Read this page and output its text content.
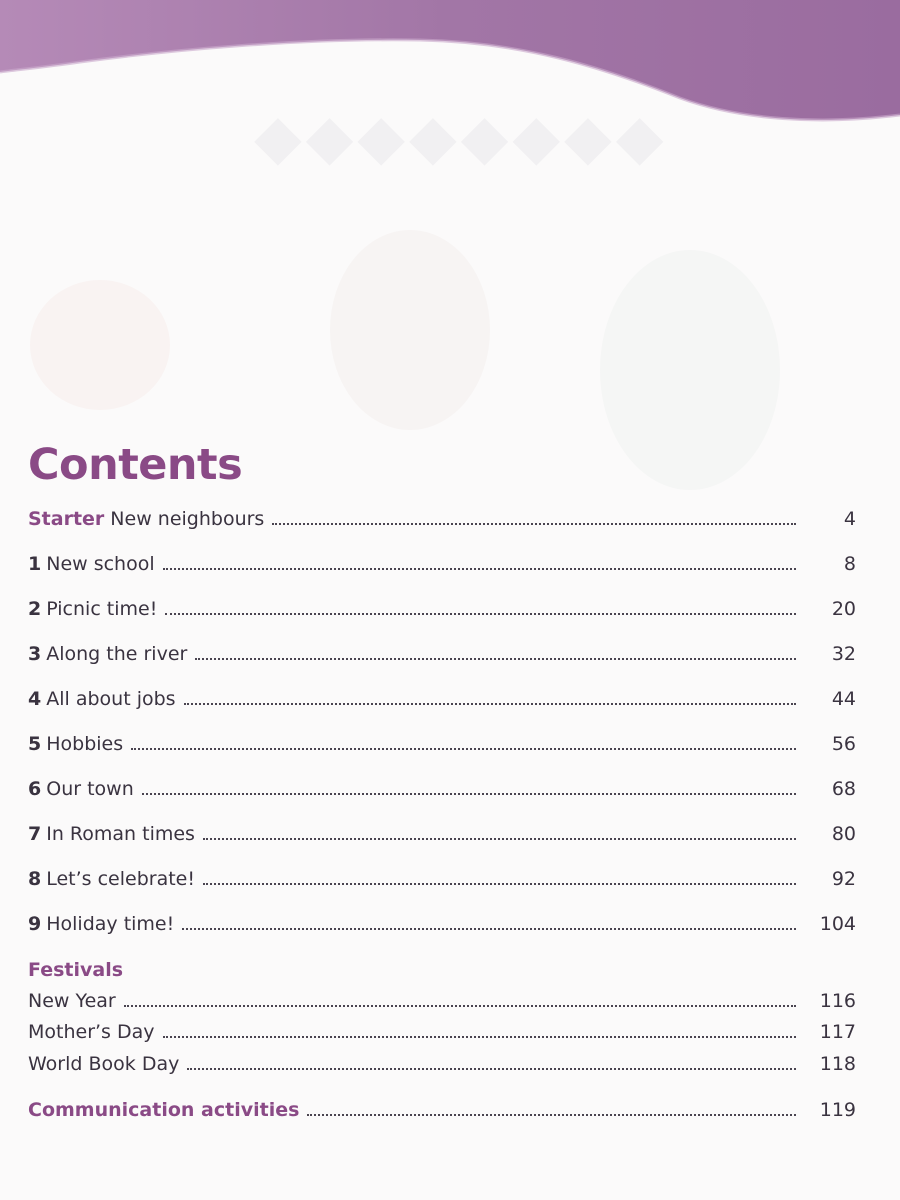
◆◆◆◆◆◆◆◆
Contents
Starter New neighbours	4
1 New school	8
2 Picnic time!	20
3 Along the river	32
4 All about jobs	44
5 Hobbies	56
6 Our town	68
7 In Roman times	80
8 Let’s celebrate!	92
9 Holiday time!	104
Festivals
New Year	116
Mother’s Day	117
World Book Day	118
Communication activities	119
